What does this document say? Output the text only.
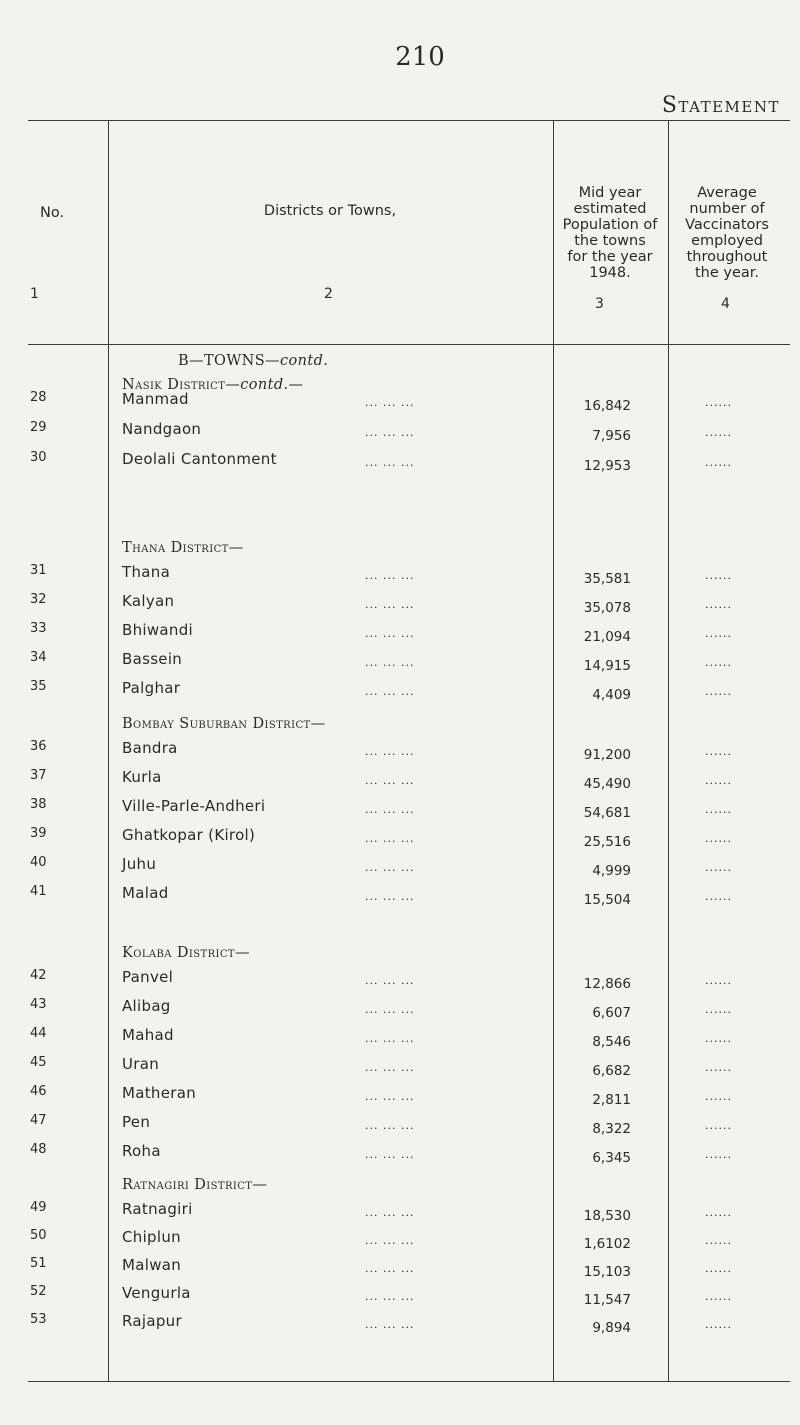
210
Statement
No.	Districts or Towns,
Mid year
estimated
Population of
the towns
for the year
1948.
Average
number of
Vaccinators
employed
throughout
the year.
1	2
3	4
B—TOWNS—contd.
Nasik District—contd.—
Thana District—
Bombay Suburban District—
Kolaba District—
Ratnagiri District—
28	Manmad	... ... ...	16,842	......
29	Nandgaon	... ... ...	7,956	......
30	Deolali Cantonment	... ... ...	12,953	......
31	Thana	... ... ...	35,581	......
32	Kalyan	... ... ...	35,078	......
33	Bhiwandi	... ... ...	21,094	......
34	Bassein	... ... ...	14,915	......
35	Palghar	... ... ...	4,409	......
36	Bandra	... ... ...	91,200	......
37	Kurla	... ... ...	45,490	......
38	Ville-Parle-Andheri	... ... ...	54,681	......
39	Ghatkopar (Kirol)	... ... ...	25,516	......
40	Juhu	... ... ...	4,999	......
41	Malad	... ... ...	15,504	......
42	Panvel	... ... ...	12,866	......
43	Alibag	... ... ...	6,607	......
44	Mahad	... ... ...	8,546	......
45	Uran	... ... ...	6,682	......
46	Matheran	... ... ...	2,811	......
47	Pen	... ... ...	8,322	......
48	Roha	... ... ...	6,345	......
49	Ratnagiri	... ... ...	18,530	......
50	Chiplun	... ... ...	1,6102	......
51	Malwan	... ... ...	15,103	......
52	Vengurla	... ... ...	11,547	......
53	Rajapur	... ... ...	9,894	......
